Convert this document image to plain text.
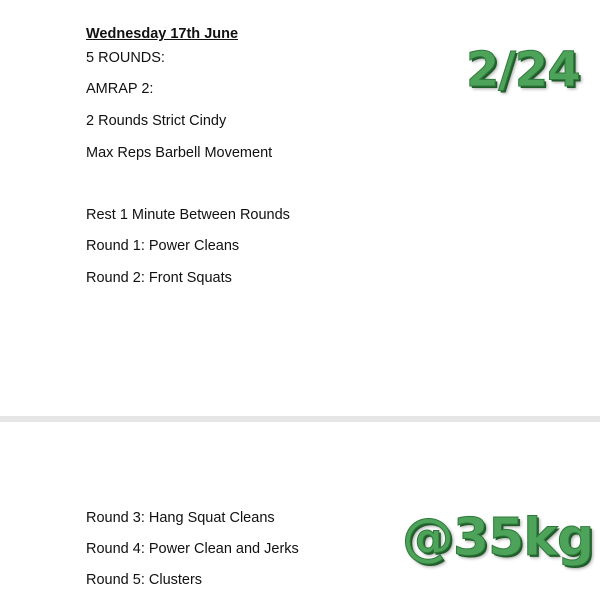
Wednesday 17th June
5 ROUNDS:
AMRAP 2:
2 Rounds Strict Cindy
Max Reps Barbell Movement
Rest 1 Minute Between Rounds
Round 1: Power Cleans
Round 2: Front Squats
Round 3: Hang Squat Cleans
Round 4: Power Clean and Jerks
Round 5: Clusters
2/24
@35kg
